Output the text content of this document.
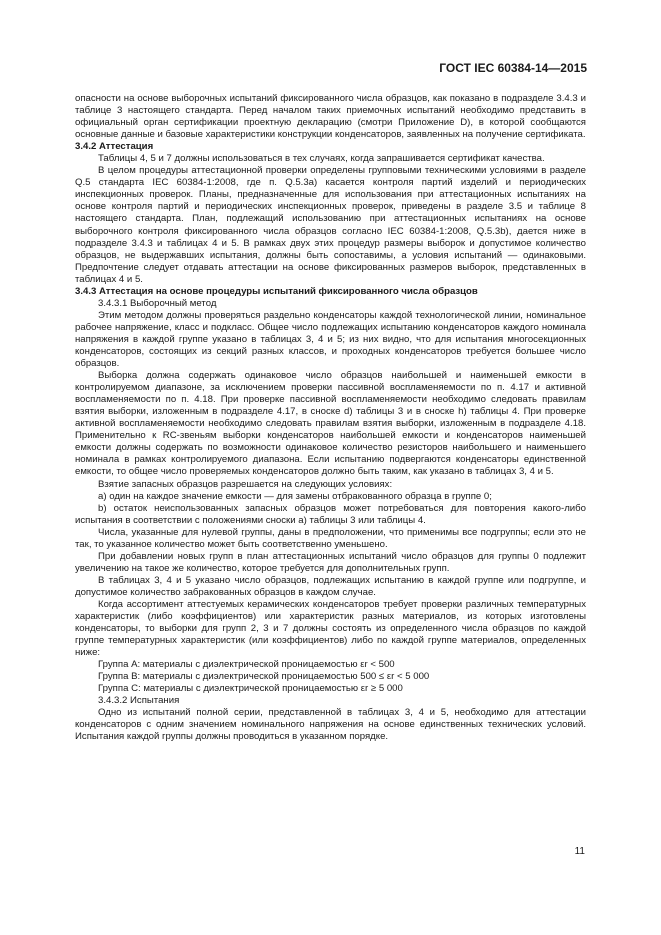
ГОСТ IEC 60384-14—2015

опасности на основе выборочных испытаний фиксированного числа образцов, как показано в подразделе 3.4.3 и таблице 3 настоящего стандарта. Перед началом таких приемочных испытаний необходимо представить в официальный орган сертификации проектную декларацию (смотри Приложение D), в которой сообщаются основные данные и базовые характеристики конструкции конденсаторов, заявленных на получение сертификата.

3.4.2 Аттестация

Таблицы 4, 5 и 7 должны использоваться в тех случаях, когда запрашивается сертификат качества.

В целом процедуры аттестационной проверки определены групповыми техническими условиями в разделе Q.5 стандарта IEC 60384-1:2008, где п. Q.5.3a) касается контроля партий изделий и периодических инспекционных проверок. Планы, предназначенные для использования при аттестационных испытаниях на основе контроля партий и периодических инспекционных проверок, приведены в разделе 3.5 и таблице 8 настоящего стандарта. План, подлежащий использованию при аттестационных испытаниях на основе выборочного контроля фиксированного числа образцов согласно IEC 60384-1:2008, Q.5.3b), дается ниже в подразделе 3.4.3 и таблицах 4 и 5. В рамках двух этих процедур размеры выборок и допустимое количество образцов, не выдержавших испытания, должны быть сопоставимы, а условия испытаний — одинаковыми. Предпочтение следует отдавать аттестации на основе фиксированных размеров выборок, представленных в таблицах 4 и 5.

3.4.3 Аттестация на основе процедуры испытаний фиксированного числа образцов

3.4.3.1 Выборочный метод

Этим методом должны проверяться раздельно конденсаторы каждой технологической линии, номинальное рабочее напряжение, класс и подкласс. Общее число подлежащих испытанию конденсаторов каждого номинала напряжения в каждой группе указано в таблицах 3, 4 и 5; из них видно, что для испытания многосекционных конденсаторов, состоящих из секций разных классов, и проходных конденсаторов требуется большее число образцов.

Выборка должна содержать одинаковое число образцов наибольшей и наименьшей емкости в контролируемом диапазоне, за исключением проверки пассивной воспламеняемости по п. 4.17 и активной воспламеняемости по п. 4.18. При проверке пассивной воспламеняемости необходимо следовать правилам взятия выборки, изложенным в подразделе 4.17, в сноске d) таблицы 3 и в сноске h) таблицы 4. При проверке активной воспламеняемости необходимо следовать правилам взятия выборки, изложенным в подразделе 4.18. Применительно к RC-звеньям выборки конденсаторов наибольшей емкости и конденсаторов наименьшей емкости должны содержать по возможности одинаковое количество резисторов наибольшего и наименьшего номинала в рамках контролируемого диапазона. Если испытанию подвергаются конденсаторы единственной емкости, то общее число проверяемых конденсаторов должно быть таким, как указано в таблицах 3, 4 и 5.

Взятие запасных образцов разрешается на следующих условиях:

a) один на каждое значение емкости — для замены отбракованного образца в группе 0;

b) остаток неиспользованных запасных образцов может потребоваться для повторения какого-либо испытания в соответствии с положениями сноски а) таблицы 3 или таблицы 4.

Числа, указанные для нулевой группы, даны в предположении, что применимы все подгруппы; если это не так, то указанное количество может быть соответственно уменьшено.

При добавлении новых групп в план аттестационных испытаний число образцов для группы 0 подлежит увеличению на такое же количество, которое требуется для дополнительных групп.

В таблицах 3, 4 и 5 указано число образцов, подлежащих испытанию в каждой группе или подгруппе, и допустимое количество забракованных образцов в каждом случае.

Когда ассортимент аттестуемых керамических конденсаторов требует проверки различных температурных характеристик (либо коэффициентов) или характеристик разных материалов, из которых изготовлены конденсаторы, то выборки для групп 2, 3 и 7 должны состоять из определенного числа образцов по каждой группе температурных характеристик (или коэффициентов) либо по каждой группе материалов, определенных ниже:

Группа А: материалы с диэлектрической проницаемостью εr < 500

Группа B: материалы с диэлектрической проницаемостью 500 ≤ εr < 5 000

Группа C: материалы с диэлектрической проницаемостью εr ≥ 5 000

3.4.3.2 Испытания

Одно из испытаний полной серии, представленной в таблицах 3, 4 и 5, необходимо для аттестации конденсаторов с одним значением номинального напряжения на основе единственных технических условий. Испытания каждой группы должны проводиться в указанном порядке.

11
